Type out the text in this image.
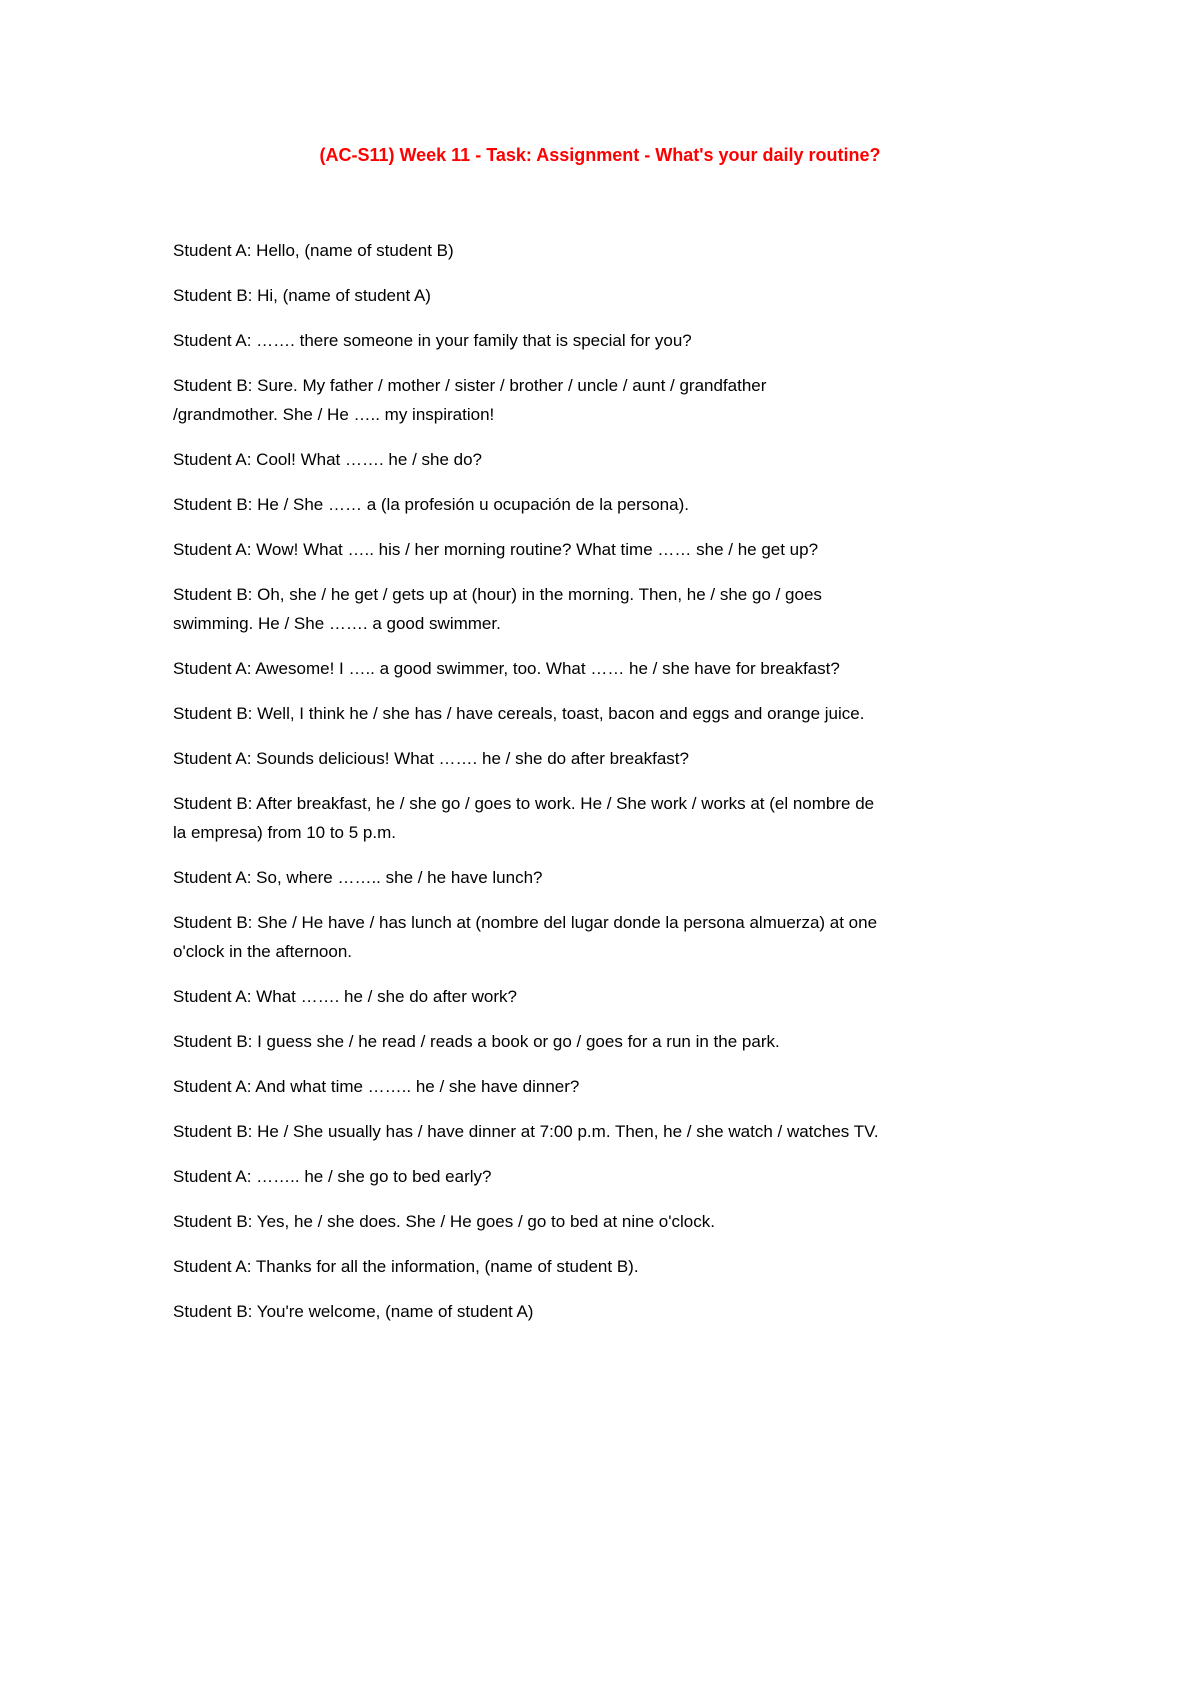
(AC-S11) Week 11 - Task: Assignment - What's your daily routine?
Student A: Hello, (name of student B)
Student B: Hi, (name of student A)
Student A: ……. there someone in your family that is special for you?
Student B: Sure. My father / mother / sister / brother / uncle / aunt / grandfather
/grandmother. She / He ….. my inspiration!
Student A: Cool! What ……. he / she do?
Student B: He / She …… a (la profesión u ocupación de la persona).
Student A: Wow! What ….. his / her morning routine? What time …… she / he get up?
Student B: Oh, she / he get / gets up at (hour) in the morning. Then, he / she go / goes
swimming. He / She ……. a good swimmer.
Student A: Awesome! I ….. a good swimmer, too. What …… he / she have for breakfast?
Student B: Well, I think he / she has / have cereals, toast, bacon and eggs and orange juice.
Student A: Sounds delicious! What ……. he / she do after breakfast?
Student B: After breakfast, he / she go / goes to work. He / She work / works at (el nombre de
la empresa) from 10 to 5 p.m.
Student A: So, where …….. she / he have lunch?
Student B: She / He have / has lunch at (nombre del lugar donde la persona almuerza) at one
o'clock in the afternoon.
Student A: What ……. he / she do after work?
Student B: I guess she / he read / reads a book or go / goes for a run in the park.
Student A: And what time …….. he / she have dinner?
Student B: He / She usually has / have dinner at 7:00 p.m. Then, he / she watch / watches TV.
Student A: …….. he / she go to bed early?
Student B: Yes, he / she does. She / He goes / go to bed at nine o'clock.
Student A: Thanks for all the information, (name of student B).
Student B: You're welcome, (name of student A)
